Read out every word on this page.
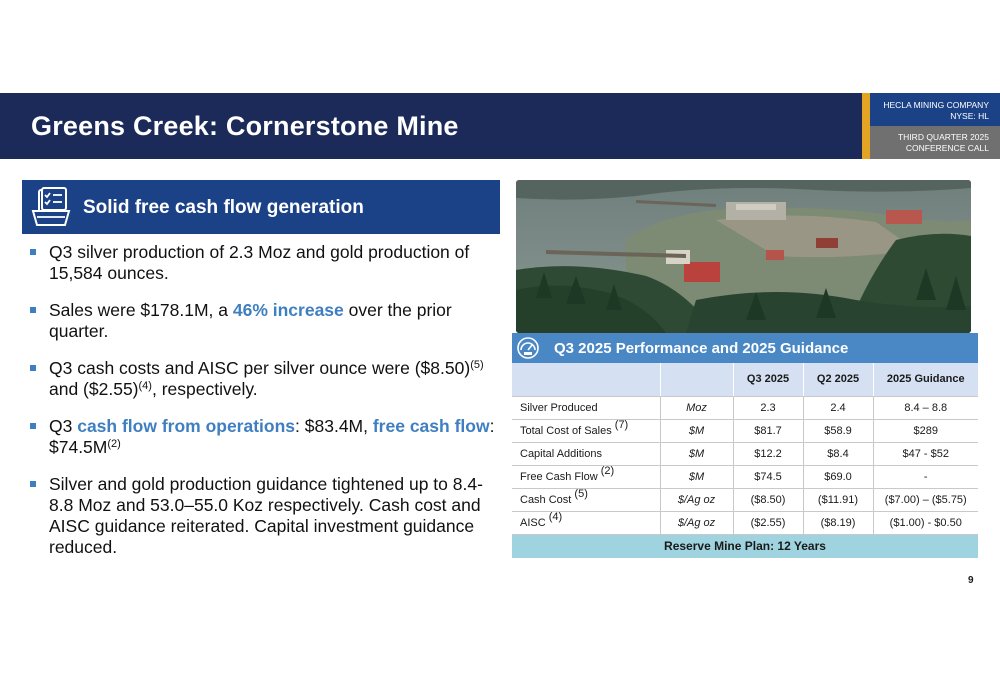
Greens Creek: Cornerstone Mine
HECLA MINING COMPANY
NYSE: HL
THIRD QUARTER 2025
CONFERENCE CALL
Solid free cash flow generation
Q3 silver production of 2.3 Moz and gold production of 15,584 ounces.
Sales were $178.1M, a 46% increase over the prior quarter.
Q3 cash costs and AISC per silver ounce were ($8.50)$^{(5)}$ and ($2.55)$^{(4)}$, respectively.
Q3 cash flow from operations: $83.4M, free cash flow: $\$74.5M^{(2)}$
Silver and gold production guidance tightened up to 8.4-8.8 Moz and 53.0–55.0 Koz respectively. Cash cost and AISC guidance reiterated. Capital investment guidance reduced.
Q3 2025 Performance and 2025 Guidance
		Q3 2025	Q2 2025	2025 Guidance
Silver Produced	Moz	2.3	2.4	8.4 – 8.8
Total Cost of Sales $^{(7)}$	$M	$81.7	$58.9	$289
Capital Additions	$M	$12.2	$8.4	$47 - $52
Free Cash Flow $^{(2)}$	$M	$74.5	$69.0	-
Cash Cost $^{(5)}$	$/Ag oz	($8.50)	($11.91)	($7.00) – ($5.75)
AISC $^{(4)}$	$/Ag oz	($2.55)	($8.19)	($1.00) - $0.50
Reserve Mine Plan: 12 Years				
9
